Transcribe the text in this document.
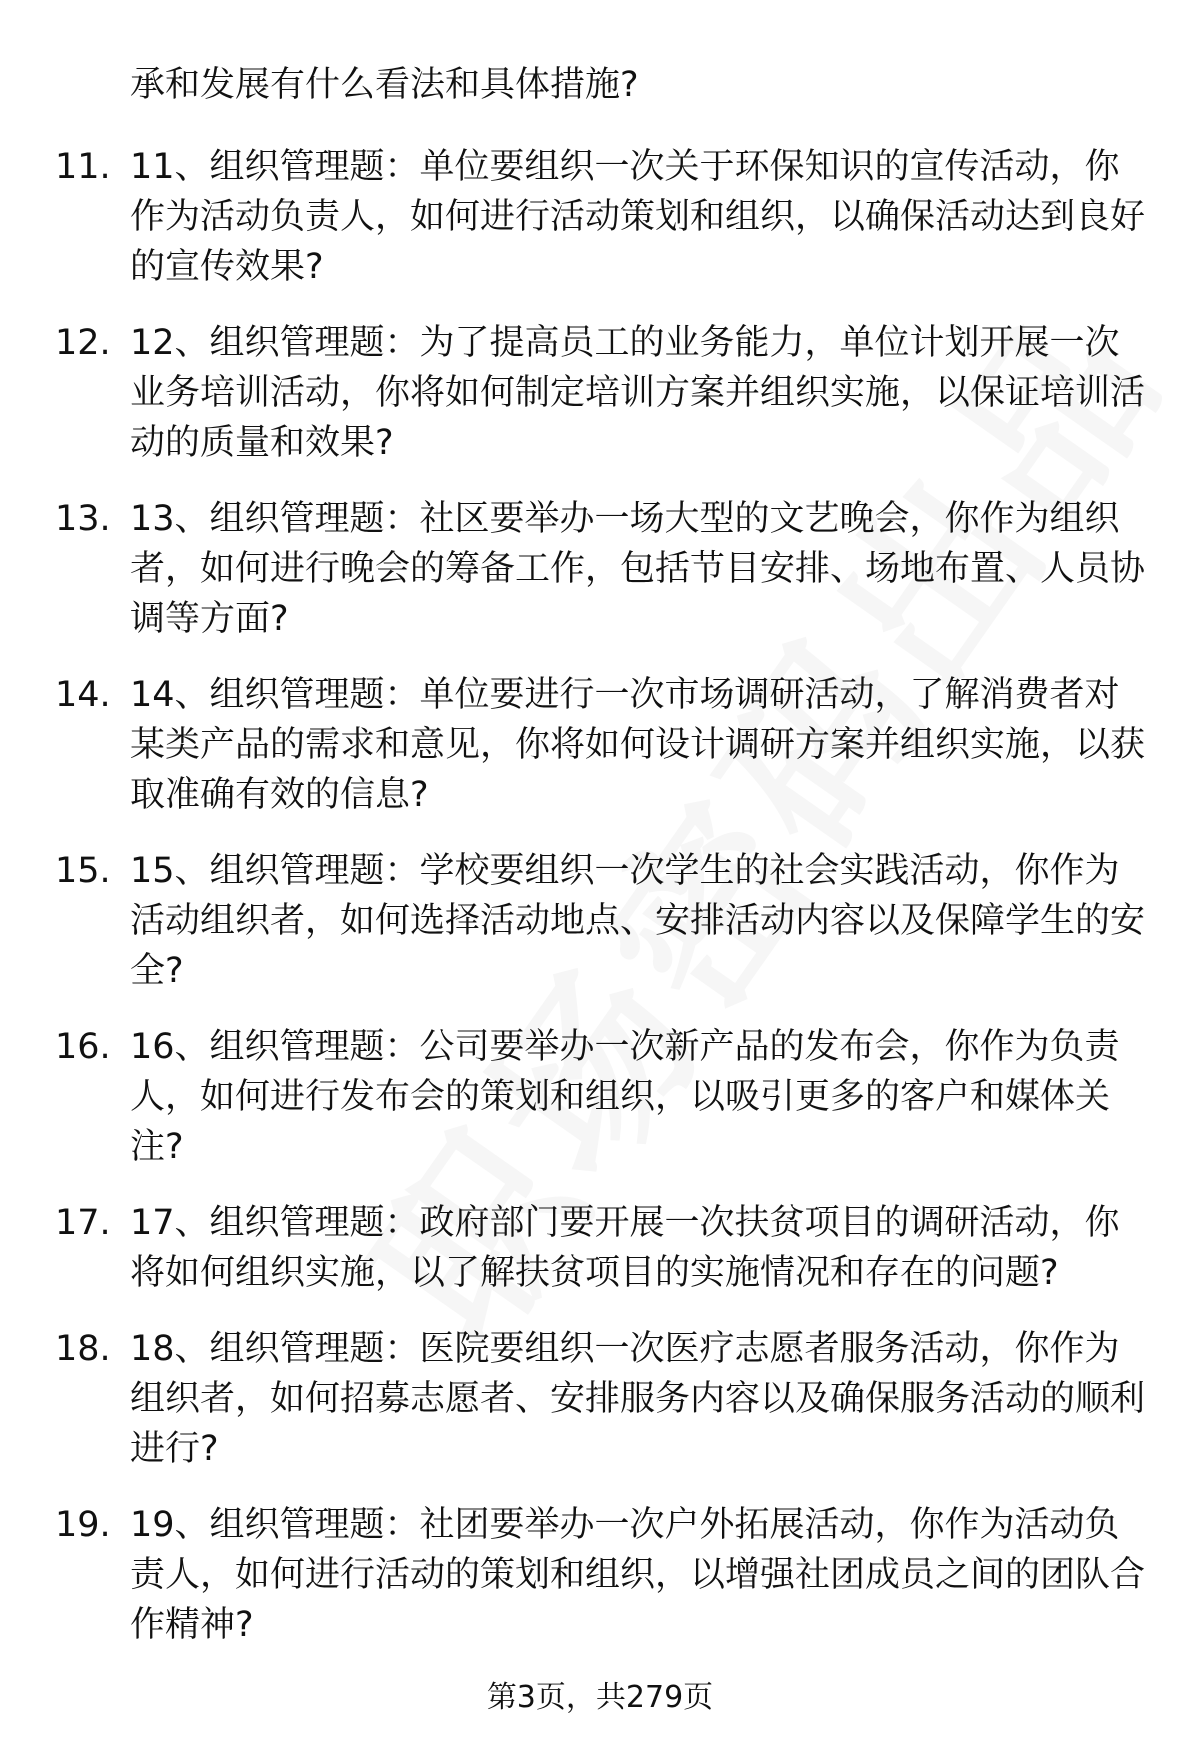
承和发展有什么看法和具体措施?
11. 11、组织管理题：单位要组织一次关于环保知识的宣传活动，你作为活动负责人，如何进行活动策划和组织，以确保活动达到良好的宣传效果?
12. 12、组织管理题：为了提高员工的业务能力，单位计划开展一次业务培训活动，你将如何制定培训方案并组织实施，以保证培训活动的质量和效果?
13. 13、组织管理题：社区要举办一场大型的文艺晚会，你作为组织者，如何进行晚会的筹备工作，包括节目安排、场地布置、人员协调等方面?
14. 14、组织管理题：单位要进行一次市场调研活动，了解消费者对某类产品的需求和意见，你将如何设计调研方案并组织实施，以获取准确有效的信息?
15. 15、组织管理题：学校要组织一次学生的社会实践活动，你作为活动组织者，如何选择活动地点、安排活动内容以及保障学生的安全?
16. 16、组织管理题：公司要举办一次新产品的发布会，你作为负责人，如何进行发布会的策划和组织，以吸引更多的客户和媒体关注?
17. 17、组织管理题：政府部门要开展一次扶贫项目的调研活动，你将如何组织实施，以了解扶贫项目的实施情况和存在的问题?
18. 18、组织管理题：医院要组织一次医疗志愿者服务活动，你作为组织者，如何招募志愿者、安排服务内容以及确保服务活动的顺利进行?
19. 19、组织管理题：社团要举办一次户外拓展活动，你作为活动负责人，如何进行活动的策划和组织，以增强社团成员之间的团队合作精神?
第3页，共279页
